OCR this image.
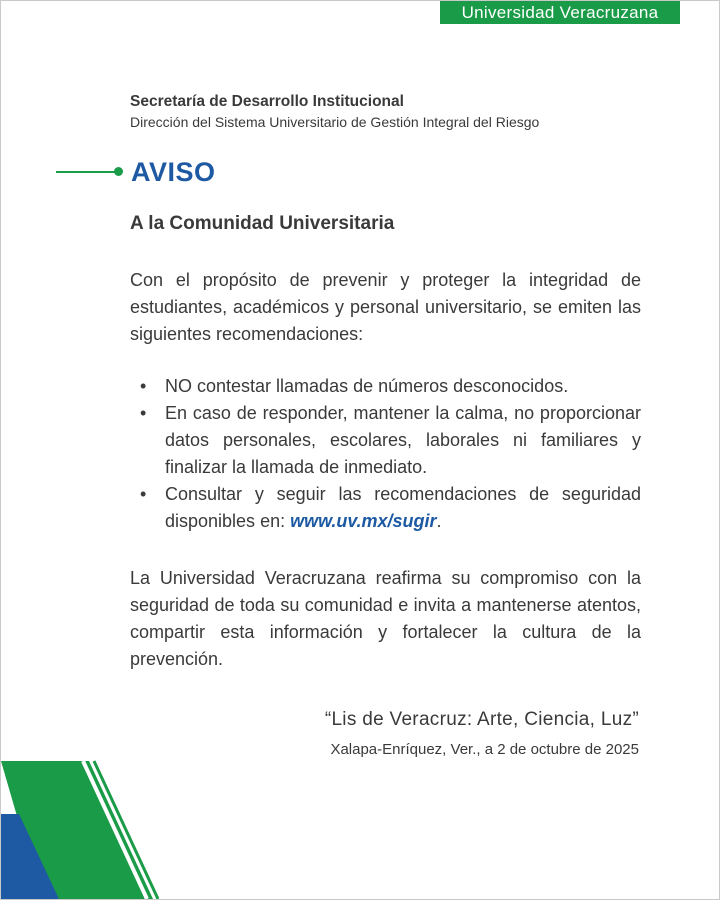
Universidad Veracruzana

Secretaría de Desarrollo Institucional

Dirección del Sistema Universitario de Gestión Integral del Riesgo

AVISO

A la Comunidad Universitaria

Con el propósito de prevenir y proteger la integridad de estudiantes, académicos y personal universitario, se emiten las siguientes recomendaciones:

• NO contestar llamadas de números desconocidos.
• En caso de responder, mantener la calma, no proporcionar datos personales, escolares, laborales ni familiares y finalizar la llamada de inmediato.
• Consultar y seguir las recomendaciones de seguridad disponibles en: www.uv.mx/sugir.

La Universidad Veracruzana reafirma su compromiso con la seguridad de toda su comunidad e invita a mantenerse atentos, compartir esta información y fortalecer la cultura de la prevención.

“Lis de Veracruz: Arte, Ciencia, Luz”

Xalapa-Enríquez, Ver., a 2 de octubre de 2025
